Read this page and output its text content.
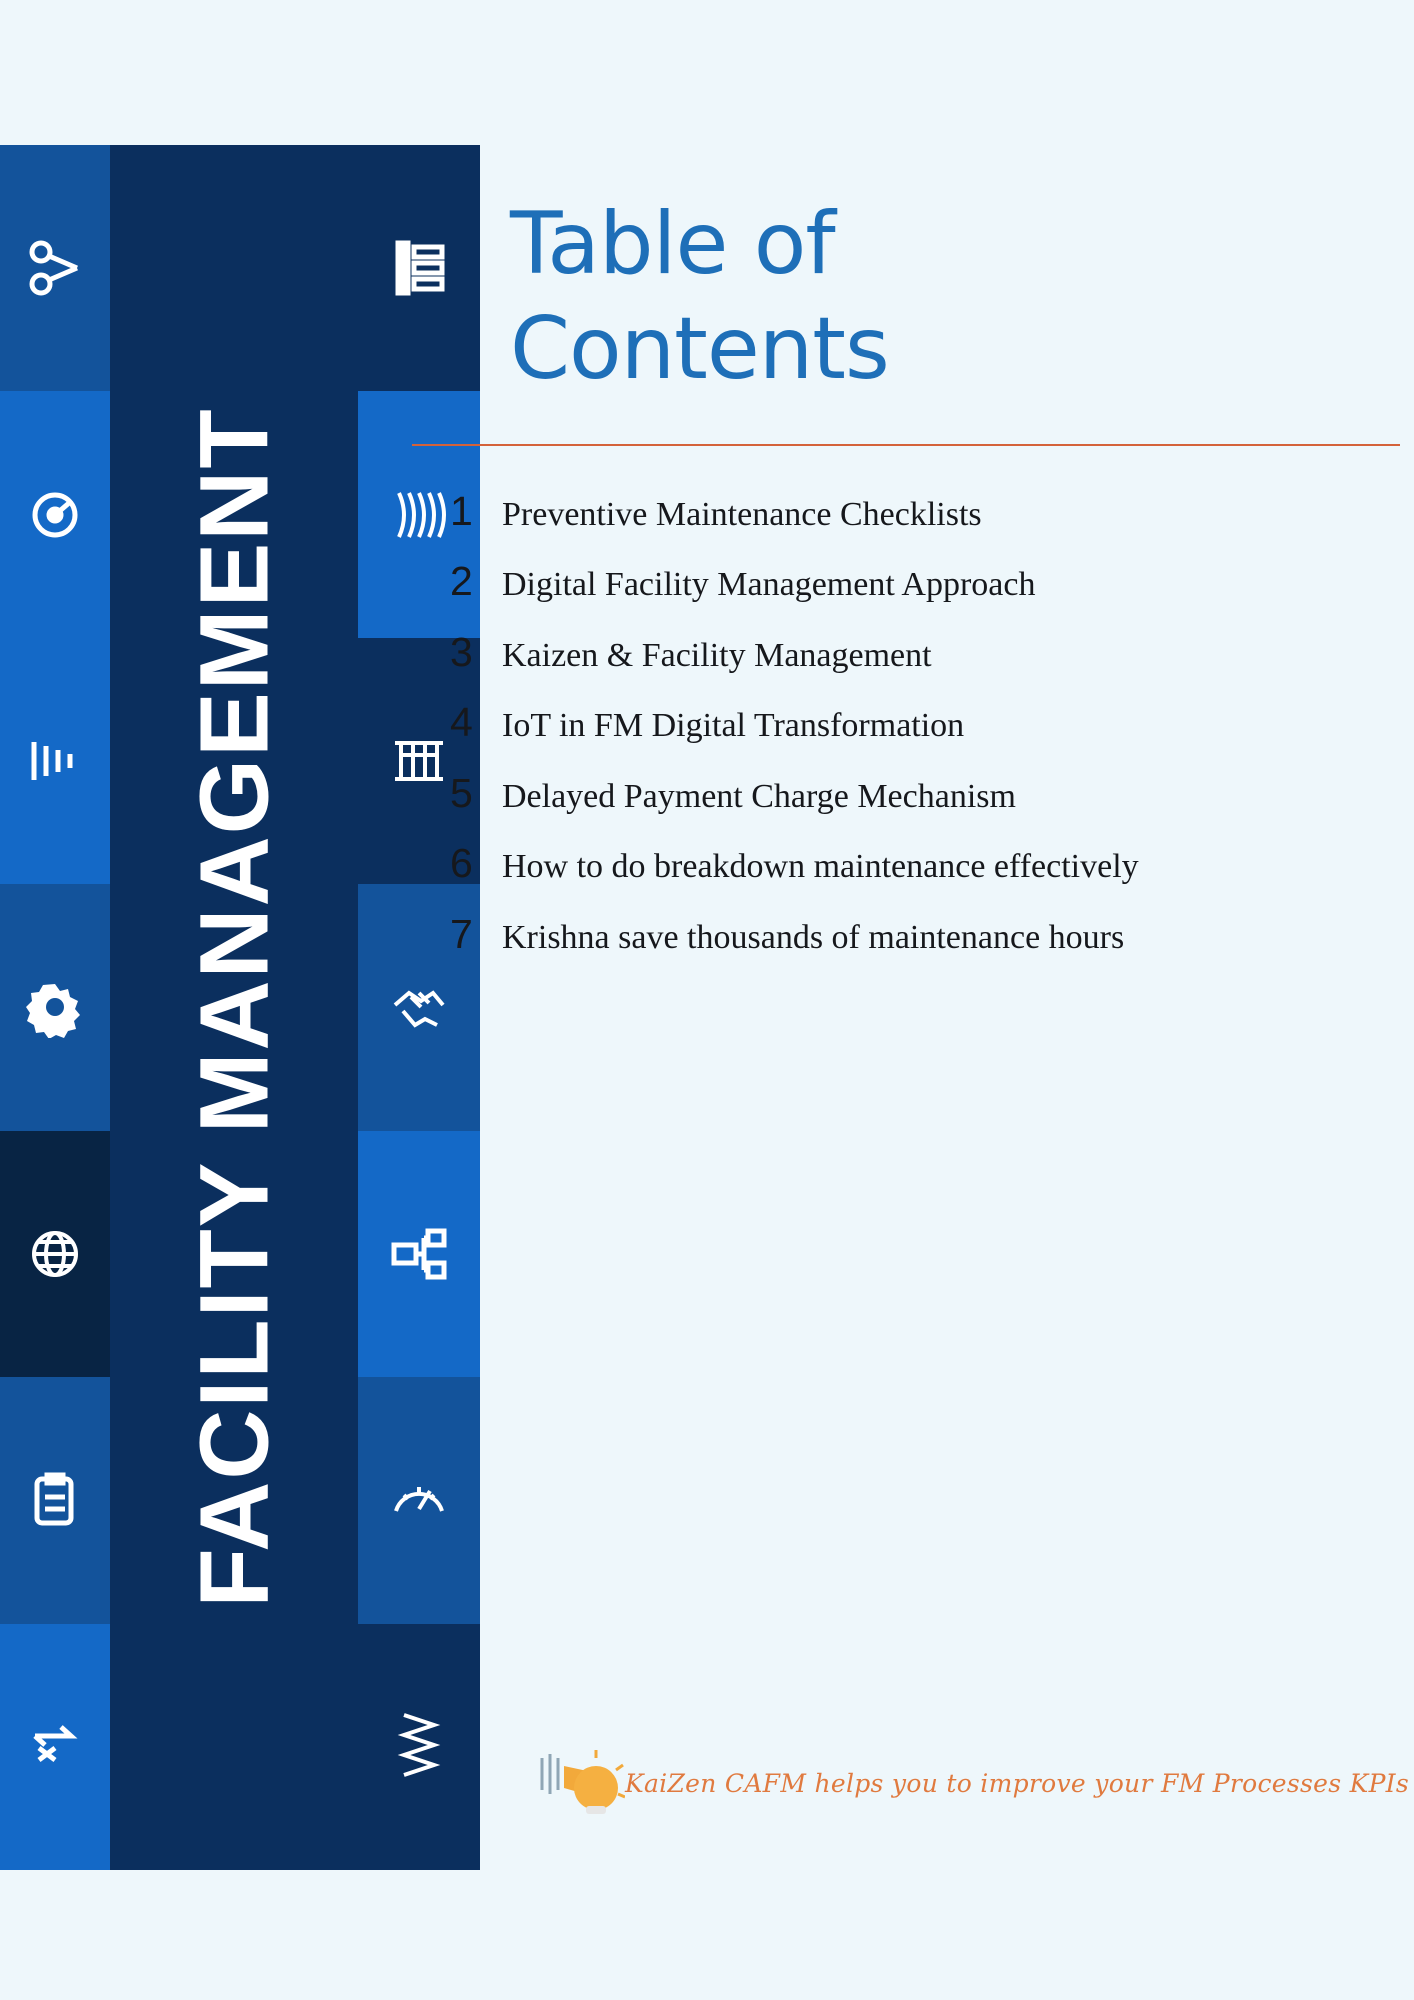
FACILITY MANAGEMENT
Table of
Contents
1 Preventive Maintenance Checklists
2 Digital Facility Management Approach
3 Kaizen & Facility Management
4 IoT in FM Digital Transformation
5 Delayed Payment Charge Mechanism
6 How to do breakdown maintenance effectively
7 Krishna save thousands of maintenance hours
KaiZen CAFM helps you to improve your FM Processes KPIs
